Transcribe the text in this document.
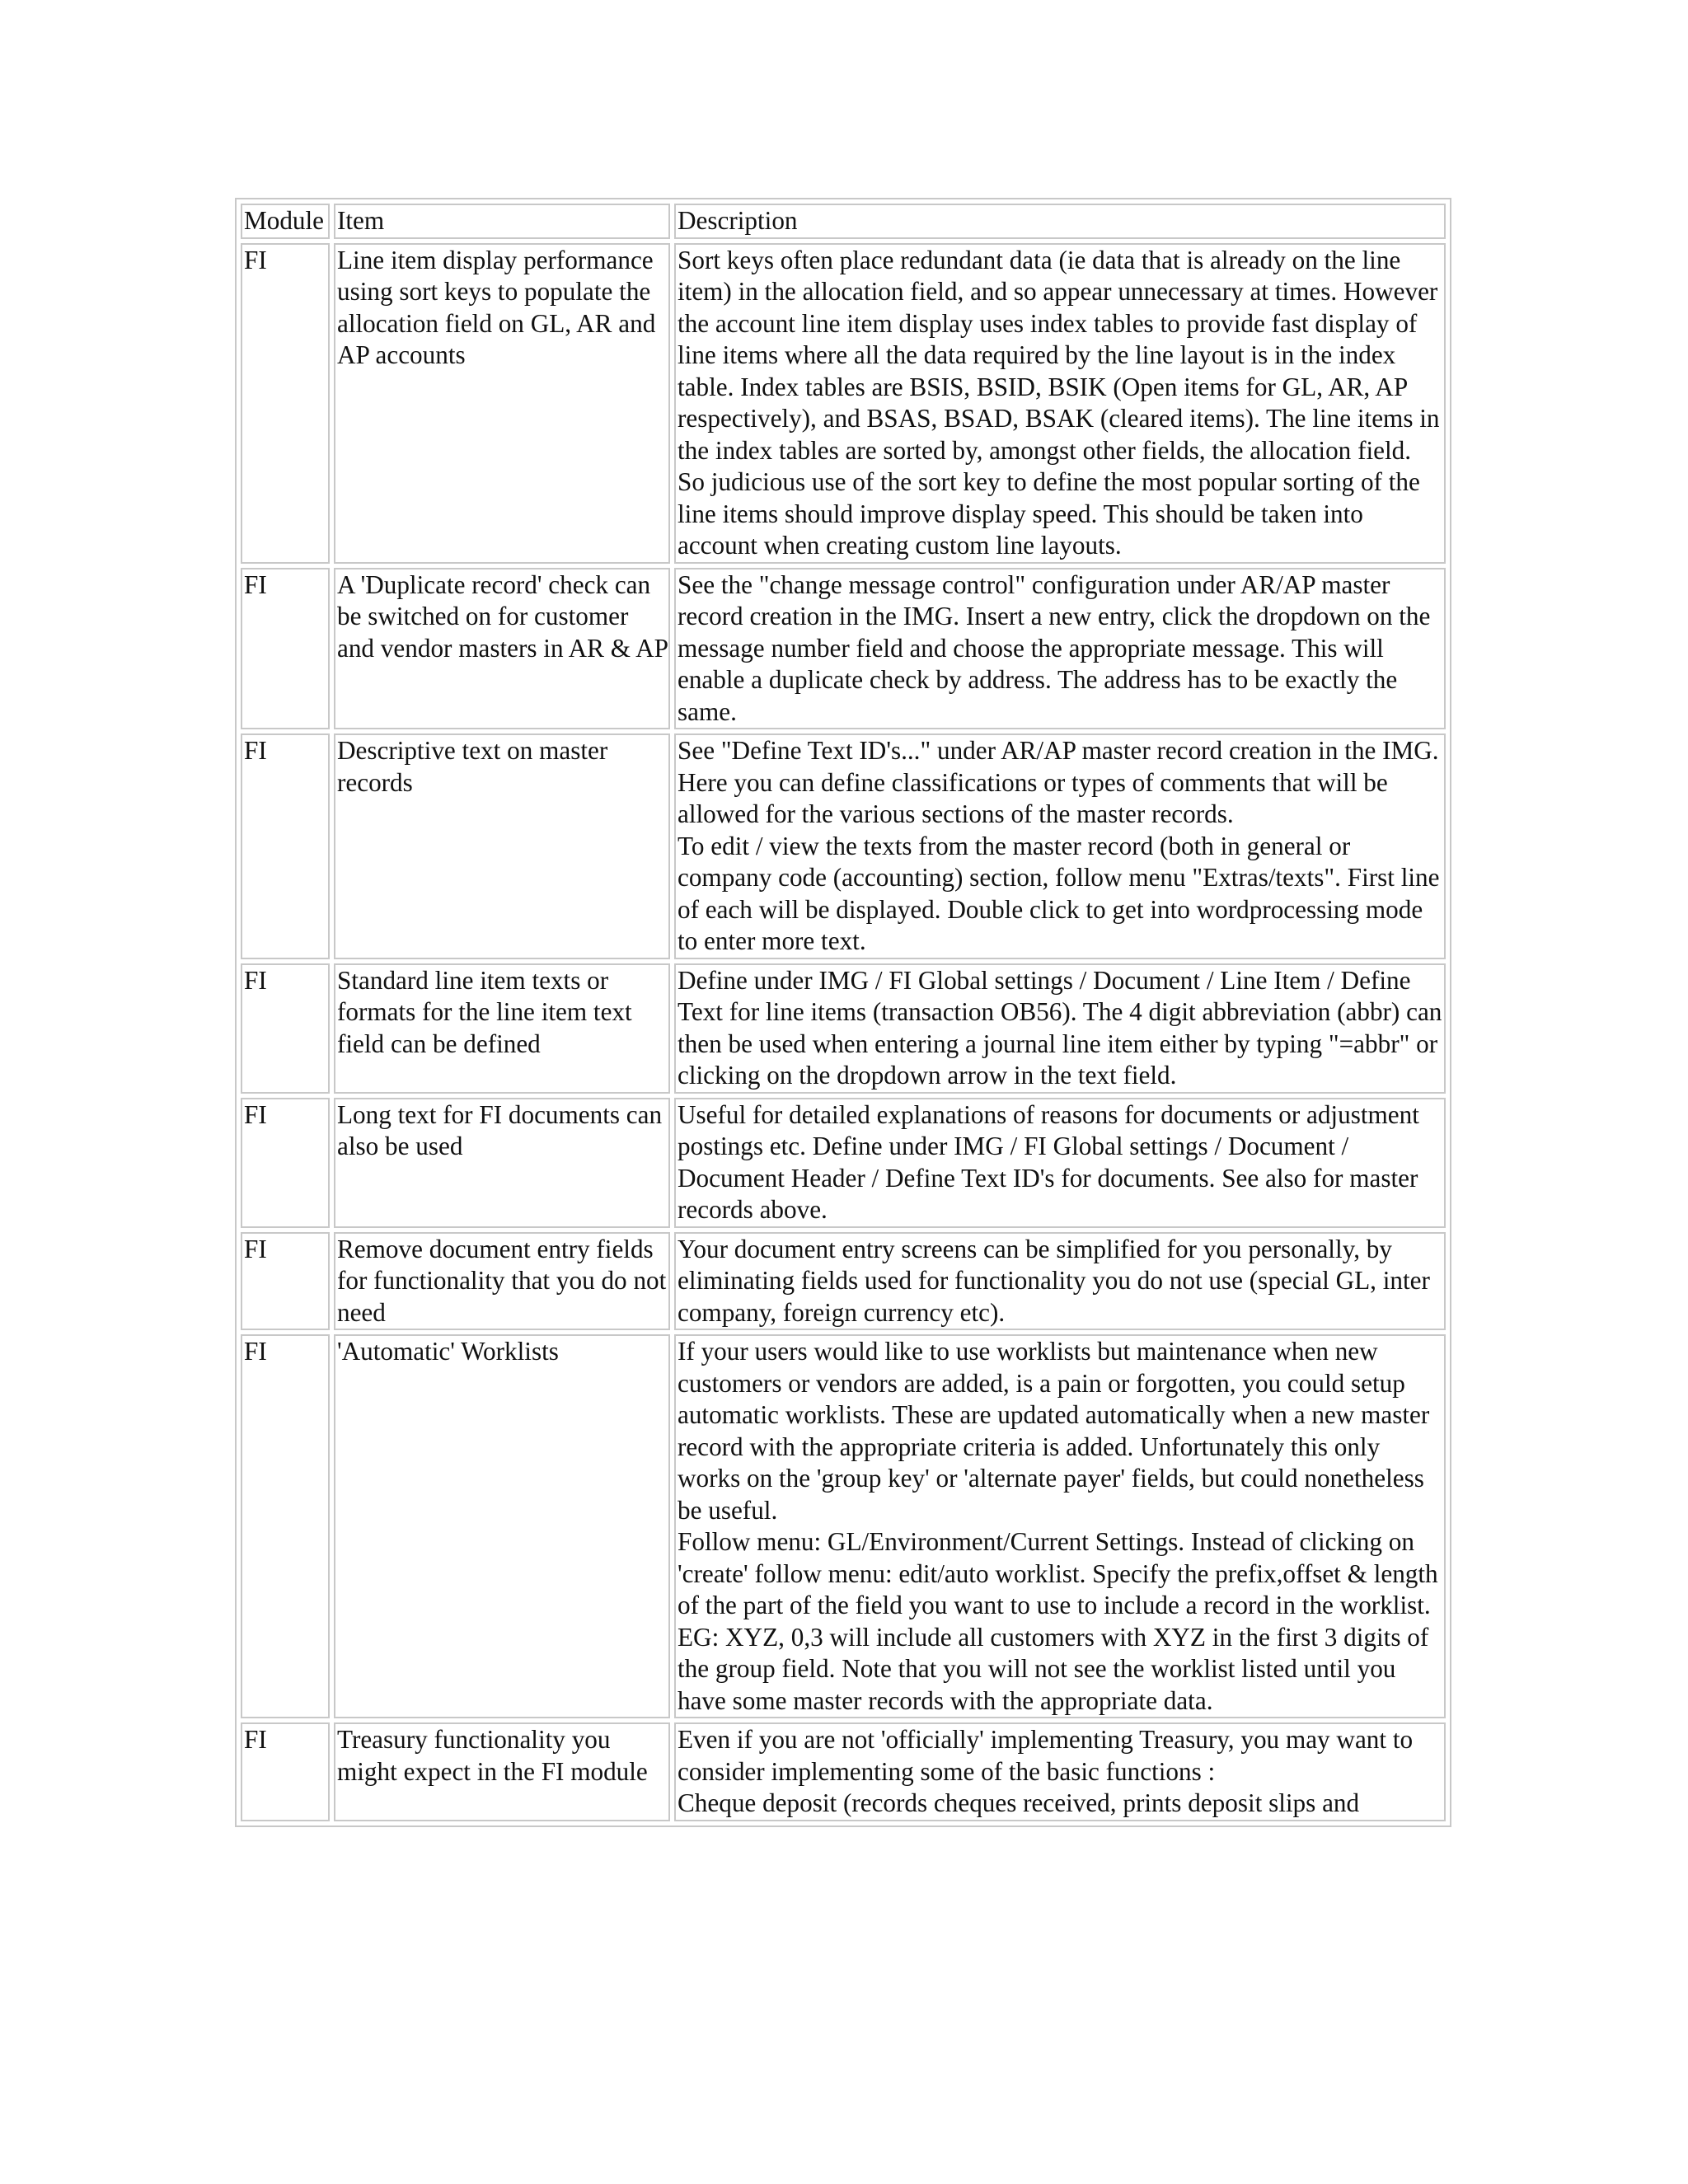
Module	Item	Description
FI	Line item display performance using sort keys to populate the allocation field on GL, AR and AP accounts	Sort keys often place redundant data (ie data that is already on the line item) in the allocation field, and so appear unnecessary at times. However the account line item display uses index tables to provide fast display of line items where all the data required by the line layout is in the index table. Index tables are BSIS, BSID, BSIK (Open items for GL, AR, AP respectively), and BSAS, BSAD, BSAK (cleared items). The line items in the index tables are sorted by, amongst other fields, the allocation field. So judicious use of the sort key to define the most popular sorting of the line items should improve display speed. This should be taken into account when creating custom line layouts.
FI	A 'Duplicate record' check can be switched on for customer and vendor masters in AR & AP	See the "change message control" configuration under AR/AP master record creation in the IMG. Insert a new entry, click the dropdown on the message number field and choose the appropriate message. This will enable a duplicate check by address. The address has to be exactly the same.
FI	Descriptive text on master records	See "Define Text ID's..." under AR/AP master record creation in the IMG. Here you can define classifications or types of comments that will be allowed for the various sections of the master records.
To edit / view the texts from the master record (both in general or company code (accounting) section, follow menu "Extras/texts". First line of each will be displayed. Double click to get into wordprocessing mode to enter more text.
FI	Standard line item texts or formats for the line item text field can be defined	Define under IMG / FI Global settings / Document / Line Item / Define Text for line items (transaction OB56). The 4 digit abbreviation (abbr) can then be used when entering a journal line item either by typing "=abbr" or clicking on the dropdown arrow in the text field.
FI	Long text for FI documents can also be used	Useful for detailed explanations of reasons for documents or adjustment postings etc. Define under IMG / FI Global settings / Document / Document Header / Define Text ID's for documents. See also for master records above.
FI	Remove document entry fields for functionality that you do not need	Your document entry screens can be simplified for you personally, by eliminating fields used for functionality you do not use (special GL, inter company, foreign currency etc).
FI	'Automatic' Worklists	If your users would like to use worklists but maintenance when new customers or vendors are added, is a pain or forgotten, you could setup automatic worklists. These are updated automatically when a new master record with the appropriate criteria is added. Unfortunately this only works on the 'group key' or 'alternate payer' fields, but could nonetheless be useful.
Follow menu: GL/Environment/Current Settings. Instead of clicking on 'create' follow menu: edit/auto worklist. Specify the prefix,offset & length of the part of the field you want to use to include a record in the worklist. EG: XYZ, 0,3 will include all customers with XYZ in the first 3 digits of the group field. Note that you will not see the worklist listed until you have some master records with the appropriate data.
FI	Treasury functionality you might expect in the FI module	Even if you are not 'officially' implementing Treasury, you may want to consider implementing some of the basic functions :
Cheque deposit (records cheques received, prints deposit slips and
